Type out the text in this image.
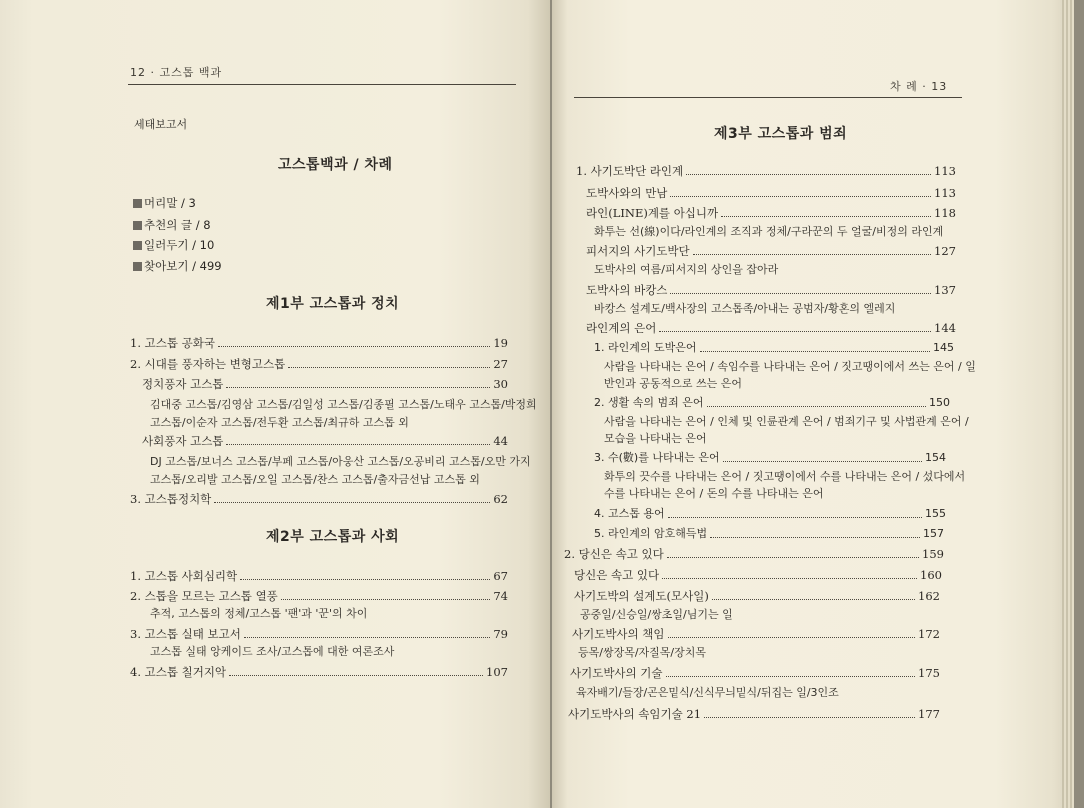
12 · 고스톱 백과
세태보고서
고스톱백과 / 차례
머리말 / 3
추천의 글 / 8
일러두기 / 10
찾아보기 / 499
제1부 고스톱과 정치
1. 고스톱 공화국	19
2. 시대를 풍자하는 변형고스톱	27
정치풍자 고스톱	30
김대중 고스톱/김영삼 고스톱/김일성 고스톱/김종필 고스톱/노태우 고스톱/박정희
고스톱/이순자 고스톱/전두환 고스톱/최규하 고스톱 외
사회풍자 고스톱	44
DJ 고스톱/보너스 고스톱/부페 고스톱/아웅산 고스톱/오공비리 고스톱/오만 가지
고스톱/오리발 고스톱/오일 고스톱/찬스 고스톱/출자금선납 고스톱 외
3. 고스톱정치학	62
제2부 고스톱과 사회
1. 고스톱 사회심리학	67
2. 스톱을 모르는 고스톱 열풍	74
추적, 고스톱의 정체/고스톱 '팬'과 '꾼'의 차이
3. 고스톱 실태 보고서	79
고스톱 실태 앙케이드 조사/고스톱에 대한 여론조사
4. 고스톱 칠거지악	107
차 례 · 13
제3부 고스톱과 범죄
1. 사기도박단 라인계	113
도박사와의 만남	113
라인(LINE)계를 아십니까	118
화투는 선(線)이다/라인계의 조직과 정체/구라꾼의 두 얼굴/비정의 라인계
피서지의 사기도박단	127
도박사의 여름/피서지의 상인을 잡아라
도박사의 바캉스	137
바캉스 설계도/백사장의 고스톱족/아내는 공범자/황혼의 엘레지
라인계의 은어	144
1. 라인계의 도박은어	145
사람을 나타내는 은어 / 속임수를 나타내는 은어 / 짓고땡이에서 쓰는 은어 / 일
반인과 공동적으로 쓰는 은어
2. 생활 속의 범죄 은어	150
사람을 나타내는 은어 / 인체 및 인륜관계 은어 / 범죄기구 및 사법관계 은어 /
모습을 나타내는 은어
3. 수(數)를 나타내는 은어	154
화투의 끗수를 나타내는 은어 / 짓고땡이에서 수를 나타내는 은어 / 섰다에서
수를 나타내는 은어 / 돈의 수를 나타내는 은어
4. 고스톱 용어	155
5. 라인계의 암호해득법	157
2. 당신은 속고 있다	159
당신은 속고 있다	160
사기도박의 설계도(모사일)	162
공중일/신승일/쌍초일/님기는 일
사기도박사의 책임	172
등목/쌍장목/자질목/장치목
사기도박사의 기술	175
육자배기/들장/곤은밑식/신식무늬밑식/뒤집는 일/3인조
사기도박사의 속임기술 21	177
